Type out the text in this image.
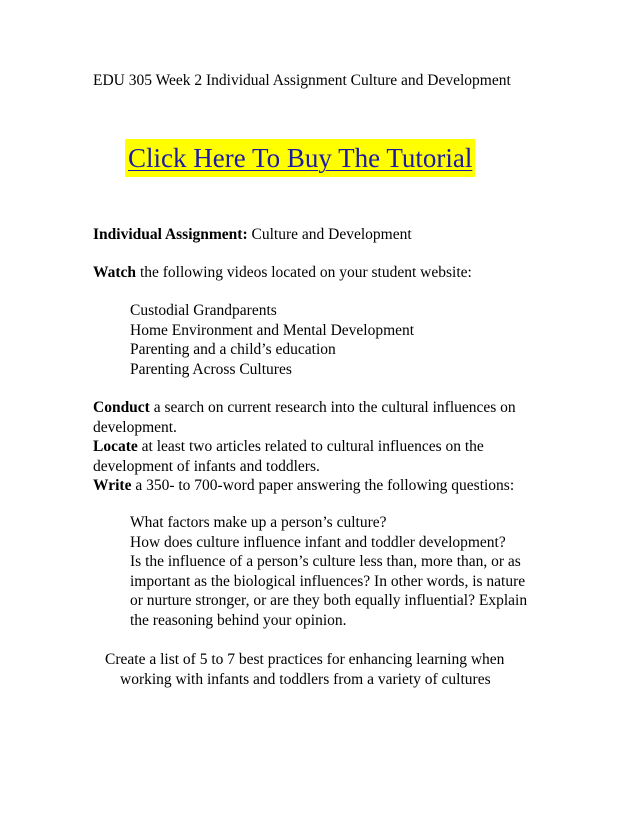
EDU 305 Week 2 Individual Assignment Culture and Development
Click Here To Buy The Tutorial
Individual Assignment: Culture and Development
Watch the following videos located on your student website:
Custodial Grandparents
Home Environment and Mental Development
Parenting and a child’s education
Parenting Across Cultures
Conduct a search on current research into the cultural influences on
development.
Locate at least two articles related to cultural influences on the
development of infants and toddlers.
Write a 350- to 700-word paper answering the following questions:
What factors make up a person’s culture?
How does culture influence infant and toddler development?
Is the influence of a person’s culture less than, more than, or as
important as the biological influences? In other words, is nature
or nurture stronger, or are they both equally influential? Explain
the reasoning behind your opinion.
Create a list of 5 to 7 best practices for enhancing learning when
working with infants and toddlers from a variety of cultures
